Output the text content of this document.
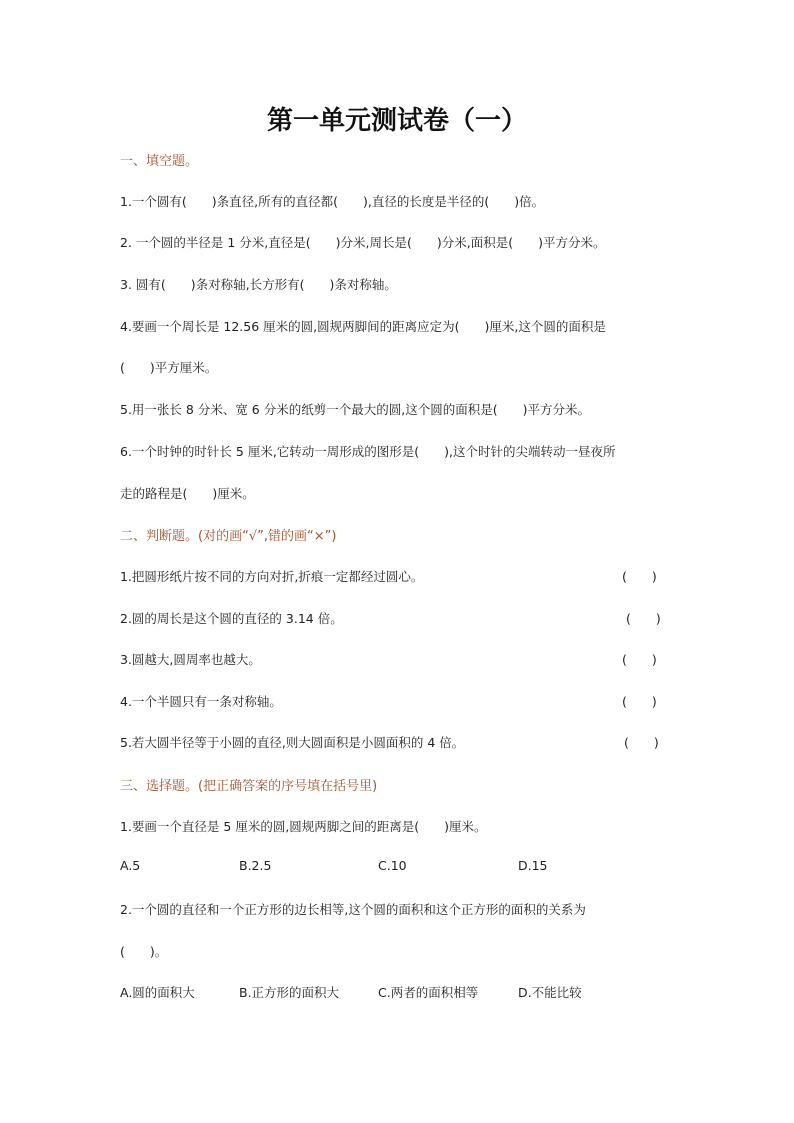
第一单元测试卷（一）
一、填空题。
1.一个圆有(　　)条直径,所有的直径都(　　),直径的长度是半径的(　　)倍。
2. 一个圆的半径是 1 分米,直径是(　　)分米,周长是(　　)分米,面积是(　　)平方分米。
3. 圆有(　　)条对称轴,长方形有(　　)条对称轴。
4.要画一个周长是 12.56 厘米的圆,圆规两脚间的距离应定为(　　)厘米,这个圆的面积是
(　　)平方厘米。
5.用一张长 8 分米、宽 6 分米的纸剪一个最大的圆,这个圆的面积是(　　)平方分米。
6.一个时钟的时针长 5 厘米,它转动一周形成的图形是(　　),这个时针的尖端转动一昼夜所
走的路程是(　　)厘米。
二、判断题。(对的画“√”,错的画“×”)
1.把圆形纸片按不同的方向对折,折痕一定都经过圆心。	(　　)
2.圆的周长是这个圆的直径的 3.14 倍。	(　　)
3.圆越大,圆周率也越大。	(　　)
4.一个半圆只有一条对称轴。	(　　)
5.若大圆半径等于小圆的直径,则大圆面积是小圆面积的 4 倍。	(　　)
三、选择题。(把正确答案的序号填在括号里)
1.要画一个直径是 5 厘米的圆,圆规两脚之间的距离是(　　)厘米。
A.5	B.2.5	C.10	D.15
2.一个圆的直径和一个正方形的边长相等,这个圆的面积和这个正方形的面积的关系为
(　　)。
A.圆的面积大	B.正方形的面积大	C.两者的面积相等	D.不能比较
